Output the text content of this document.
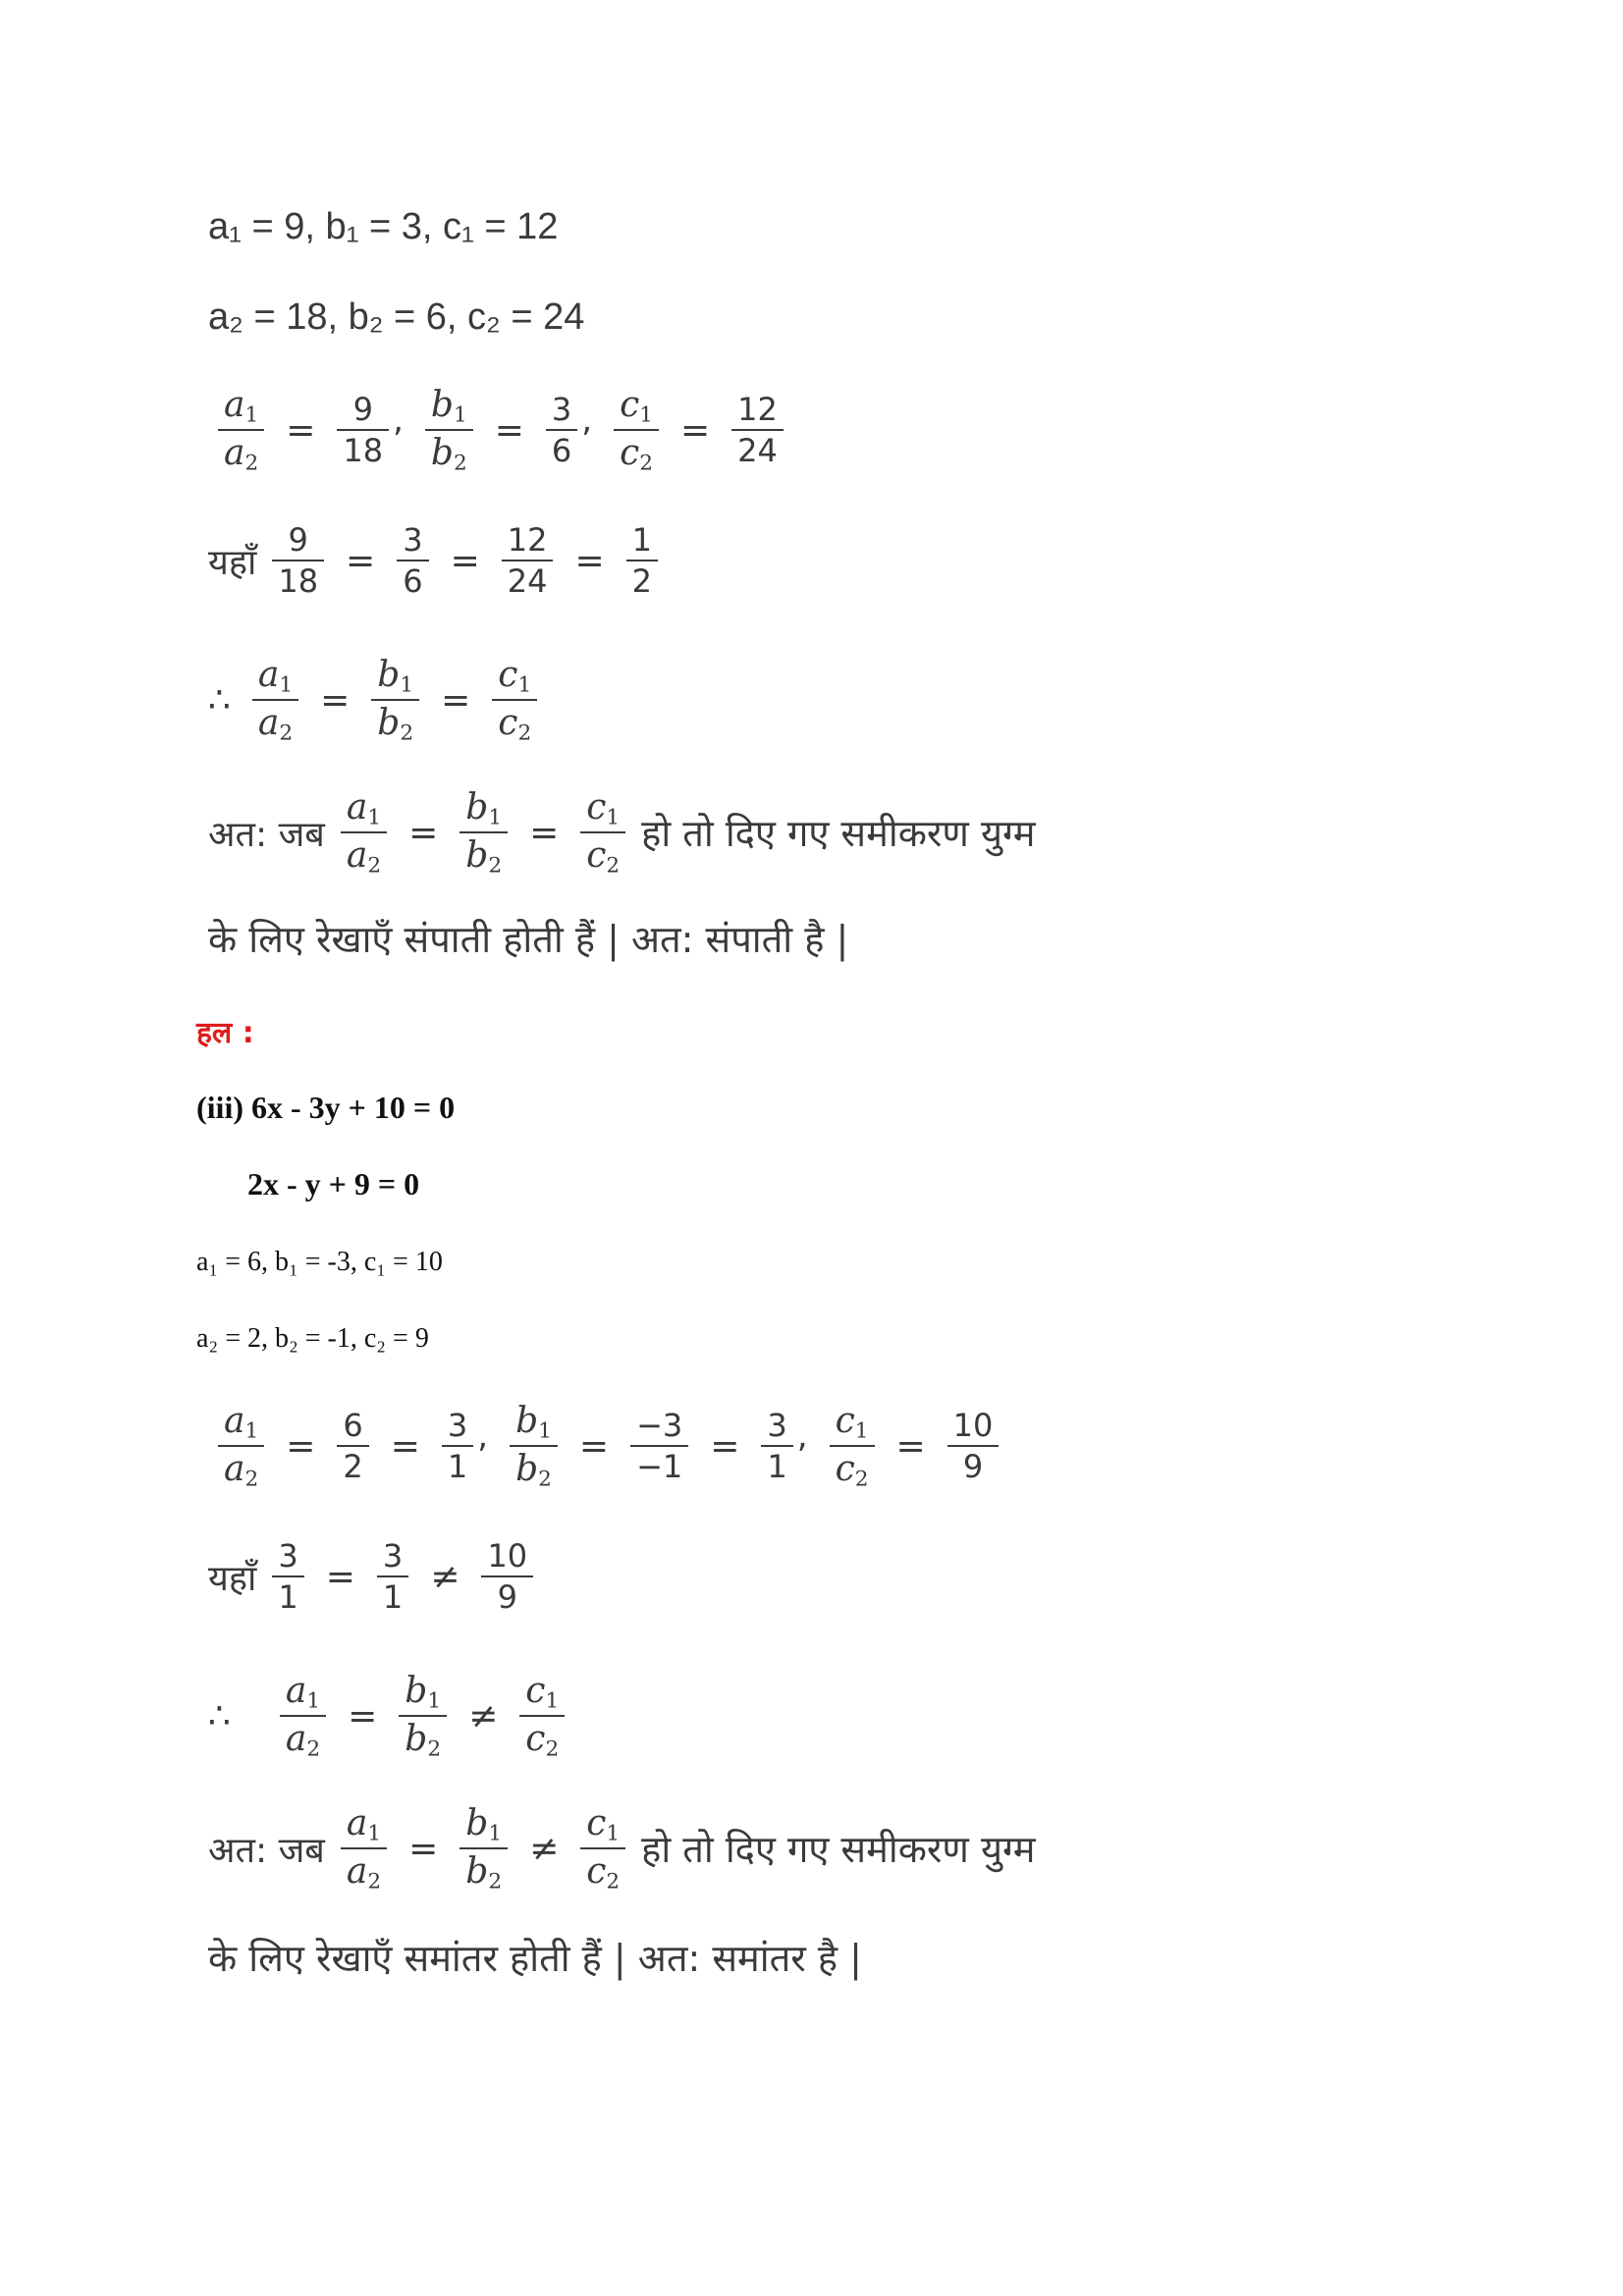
a₁ = 9, b₁ = 3, c₁ = 12
a₂ = 18, b₂ = 6, c₂ = 24
$\frac{a_1}{a_2} = \frac{9}{18}$ , $\frac{b_1}{b_2} = \frac{3}{6}$ , $\frac{c_1}{c_2} = \frac{12}{24}$
यहाँ $\frac{9}{18} = \frac{3}{6} = \frac{12}{24} = \frac{1}{2}$
∴ $\frac{a_1}{a_2} = \frac{b_1}{b_2} = \frac{c_1}{c_2}$
अत: जब $\frac{a_1}{a_2} = \frac{b_1}{b_2} = \frac{c_1}{c_2}$ हो तो दिए गए समीकरण युग्म
के लिए रेखाएँ संपाती होती हैं | अत: संपाती है |
हल :
(iii) 6x - 3y + 10 = 0
2x - y + 9 = 0
a₁ = 6, b₁ = -3, c₁ = 10
a₂ = 2, b₂ = -1, c₂ = 9
$\frac{a_1}{a_2} = \frac{6}{2} = \frac{3}{1}$ , $\frac{b_1}{b_2} = \frac{-3}{-1} = \frac{3}{1}$ , $\frac{c_1}{c_2} = \frac{10}{9}$
यहाँ $\frac{3}{1} = \frac{3}{1} \ne \frac{10}{9}$
∴ $\frac{a_1}{a_2} = \frac{b_1}{b_2} \ne \frac{c_1}{c_2}$
अत: जब $\frac{a_1}{a_2} = \frac{b_1}{b_2} \ne \frac{c_1}{c_2}$ हो तो दिए गए समीकरण युग्म
के लिए रेखाएँ समांतर होती हैं | अत: समांतर है |
